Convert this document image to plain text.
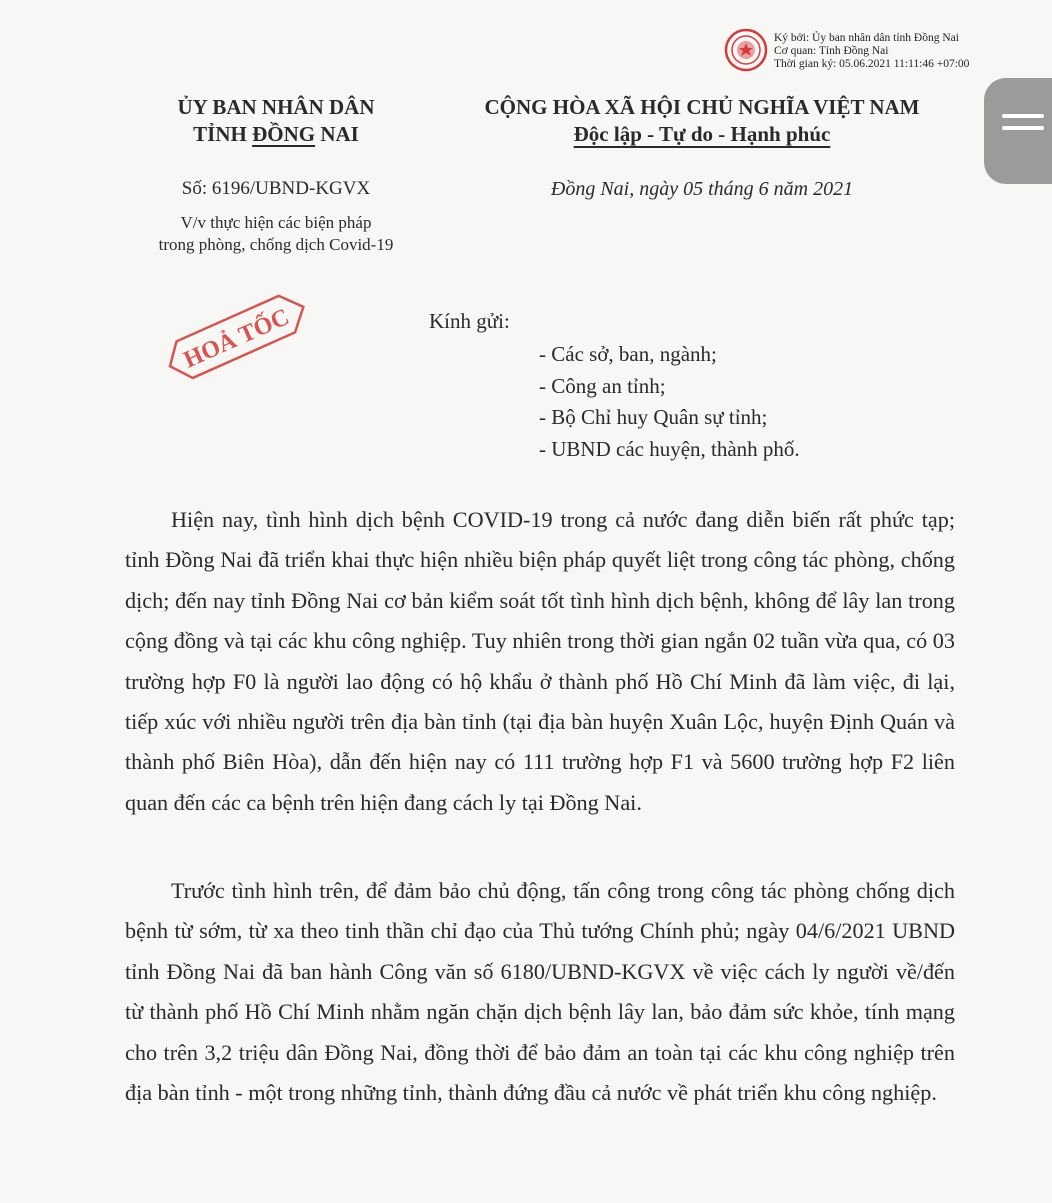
Ký bởi: Ủy ban nhân dân tỉnh Đồng Nai
Cơ quan: Tỉnh Đồng Nai
Thời gian ký: 05.06.2021 11:11:46 +07:00
ỦY BAN NHÂN DÂN
TỈNH ĐỒNG NAI
Số: 6196/UBND-KGVX
V/v thực hiện các biện pháp
trong phòng, chống dịch Covid-19
CỘNG HÒA XÃ HỘI CHỦ NGHĨA VIỆT NAM
Độc lập - Tự do - Hạnh phúc
Đồng Nai, ngày 05 tháng 6 năm 2021
HOẢ TỐC	Kính gửi:
- Các sở, ban, ngành;
- Công an tỉnh;
- Bộ Chỉ huy Quân sự tỉnh;
- UBND các huyện, thành phố.

Hiện nay, tình hình dịch bệnh COVID-19 trong cả nước đang diễn biến rất phức tạp; tỉnh Đồng Nai đã triển khai thực hiện nhiều biện pháp quyết liệt trong công tác phòng, chống dịch; đến nay tỉnh Đồng Nai cơ bản kiểm soát tốt tình hình dịch bệnh, không để lây lan trong cộng đồng và tại các khu công nghiệp. Tuy nhiên trong thời gian ngắn 02 tuần vừa qua, có 03 trường hợp F0 là người lao động có hộ khẩu ở thành phố Hồ Chí Minh đã làm việc, đi lại, tiếp xúc với nhiều người trên địa bàn tỉnh (tại địa bàn huyện Xuân Lộc, huyện Định Quán và thành phố Biên Hòa), dẫn đến hiện nay có 111 trường hợp F1 và 5600 trường hợp F2 liên quan đến các ca bệnh trên hiện đang cách ly tại Đồng Nai.

Trước tình hình trên, để đảm bảo chủ động, tấn công trong công tác phòng chống dịch bệnh từ sớm, từ xa theo tinh thần chỉ đạo của Thủ tướng Chính phủ; ngày 04/6/2021 UBND tỉnh Đồng Nai đã ban hành Công văn số 6180/UBND-KGVX về việc cách ly người về/đến từ thành phố Hồ Chí Minh nhằm ngăn chặn dịch bệnh lây lan, bảo đảm sức khỏe, tính mạng cho trên 3,2 triệu dân Đồng Nai, đồng thời để bảo đảm an toàn tại các khu công nghiệp trên địa bàn tỉnh - một trong những tỉnh, thành đứng đầu cả nước về phát triển khu công nghiệp.
